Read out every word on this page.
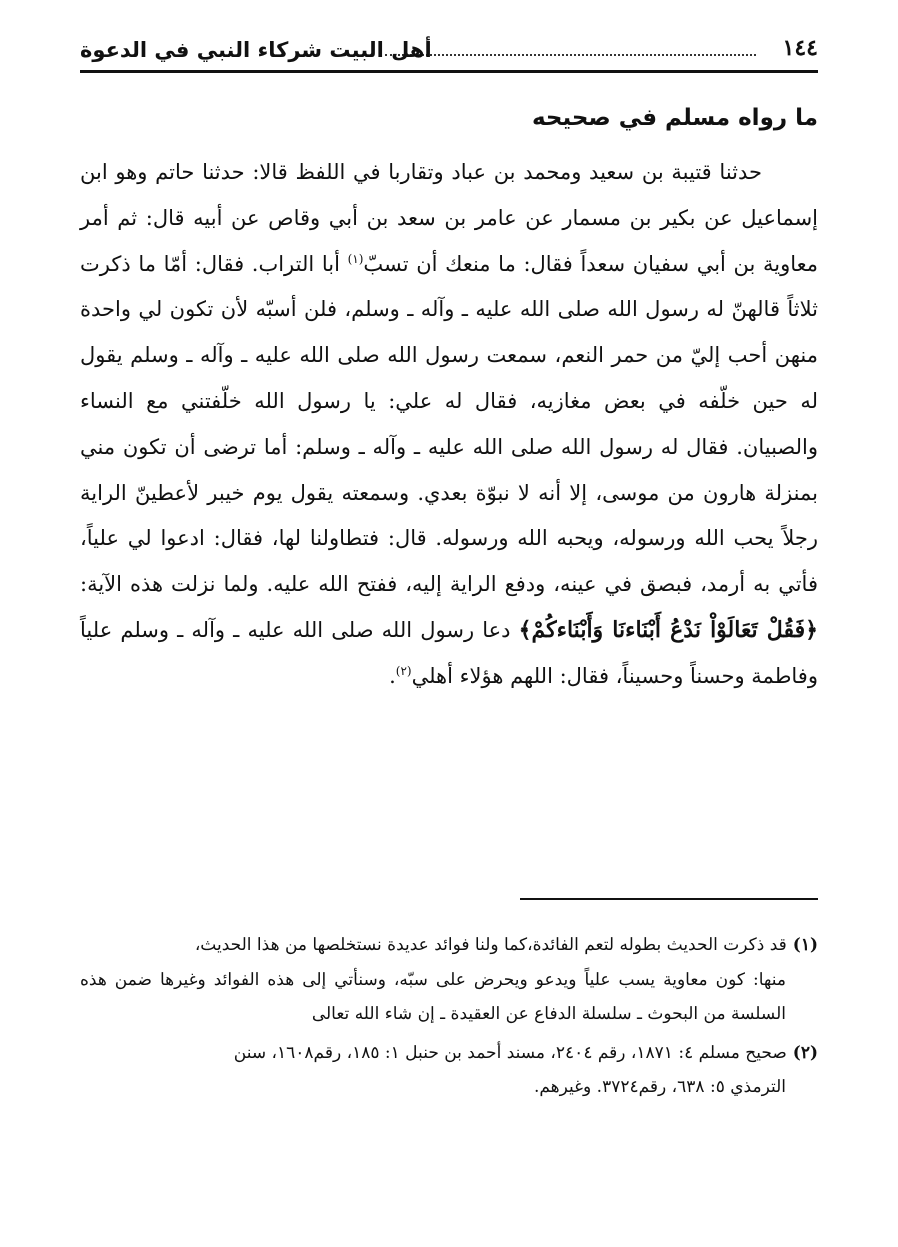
١٤٤
أهل البيت شركاء النبي في الدعوة
ما رواه مسلم في صحيحه

حدثنا قتيبة بن سعيد ومحمد بن عباد وتقاربا في اللفظ قالا: حدثنا حاتم وهو ابن إسماعيل عن بكير بن مسمار عن عامر بن سعد بن أبي وقاص عن أبيه قال: ثم أمر معاوية بن أبي سفيان سعداً فقال: ما منعك أن تسبّ$^{(١)}$ أبا التراب. فقال: أمّا ما ذكرت ثلاثاً قالهنّ له رسول الله صلى الله عليه ـ وآله ـ وسلم، فلن أسبّه لأن تكون لي واحدة منهن أحب إليّ من حمر النعم، سمعت رسول الله صلى الله عليه ـ وآله ـ وسلم يقول له حين خلّفه في بعض مغازيه، فقال له علي: يا رسول الله خلّفتني مع النساء والصبيان. فقال له رسول الله صلى الله عليه ـ وآله ـ وسلم: أما ترضى أن تكون مني بمنزلة هارون من موسى، إلا أنه لا نبوّة بعدي. وسمعته يقول يوم خيبر لأعطينّ الراية رجلاً يحب الله ورسوله، ويحبه الله ورسوله. قال: فتطاولنا لها، فقال: ادعوا لي علياً، فأتي به أرمد، فبصق في عينه، ودفع الراية إليه، ففتح الله عليه. ولما نزلت هذه الآية: ﴿فَقُلْ تَعَالَوْاْ نَدْعُ أَبْنَاءنَا وَأَبْنَاءكُمْ﴾ دعا رسول الله صلى الله عليه ـ وآله ـ وسلم علياً وفاطمة وحسناً وحسيناً، فقال: اللهم هؤلاء أهلي$^{(٢)}$.

(١)قد ذكرت الحديث بطوله لتعم الفائدة،كما ولنا فوائد عديدة نستخلصها من هذا الحديث،
منها: كون معاوية يسب علياً ويدعو ويحرض على سبّه، وسنأتي إلى هذه الفوائد وغيرها ضمن هذه السلسة من البحوث ـ سلسلة الدفاع عن العقيدة ـ إن شاء الله تعالى
(٢)صحيح مسلم ٤: ١٨٧١، رقم ٢٤٠٤، مسند أحمد بن حنبل ١: ١٨٥، رقم١٦٠٨، سنن
الترمذي ٥: ٦٣٨، رقم٣٧٢٤. وغيرهم.
